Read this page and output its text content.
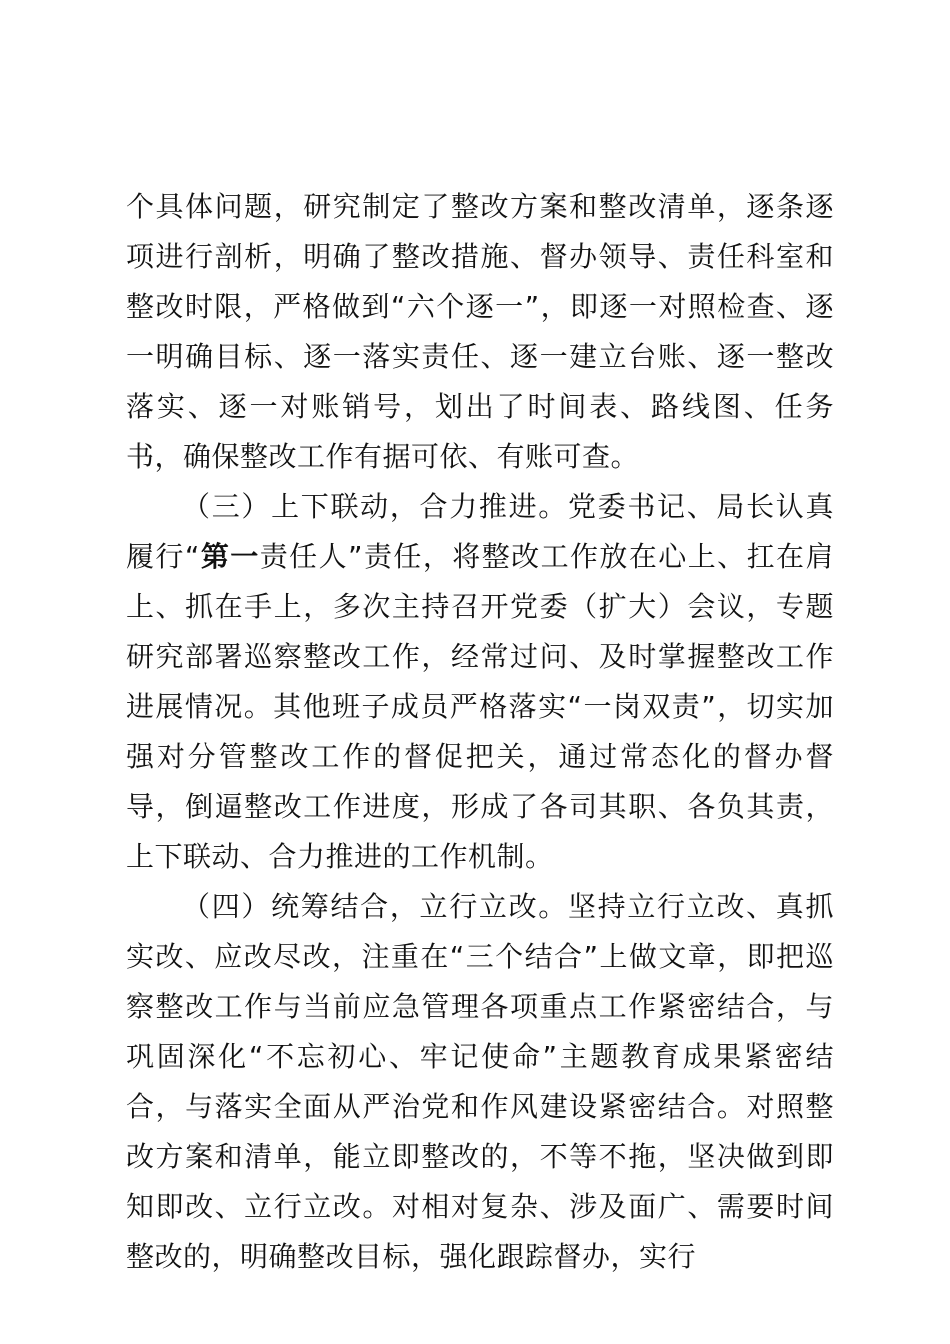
个具体问题，研究制定了整改方案和整改清单，逐条逐项进行剖析，明确了整改措施、督办领导、责任科室和整改时限，严格做到“六个逐一”，即逐一对照检查、逐一明确目标、逐一落实责任、逐一建立台账、逐一整改落实、逐一对账销号，划出了时间表、路线图、任务书，确保整改工作有据可依、有账可查。

（三）上下联动，合力推进。党委书记、局长认真履行“第一责任人”责任，将整改工作放在心上、扛在肩上、抓在手上，多次主持召开党委（扩大）会议，专题研究部署巡察整改工作，经常过问、及时掌握整改工作进展情况。其他班子成员严格落实“一岗双责”，切实加强对分管整改工作的督促把关，通过常态化的督办督导，倒逼整改工作进度，形成了各司其职、各负其责，上下联动、合力推进的工作机制。

（四）统筹结合，立行立改。坚持立行立改、真抓实改、应改尽改，注重在“三个结合”上做文章，即把巡察整改工作与当前应急管理各项重点工作紧密结合，与巩固深化“不忘初心、牢记使命”主题教育成果紧密结合，与落实全面从严治党和作风建设紧密结合。对照整改方案和清单，能立即整改的，不等不拖，坚决做到即知即改、立行立改。对相对复杂、涉及面广、需要时间整改的，明确整改目标，强化跟踪督办，实行
